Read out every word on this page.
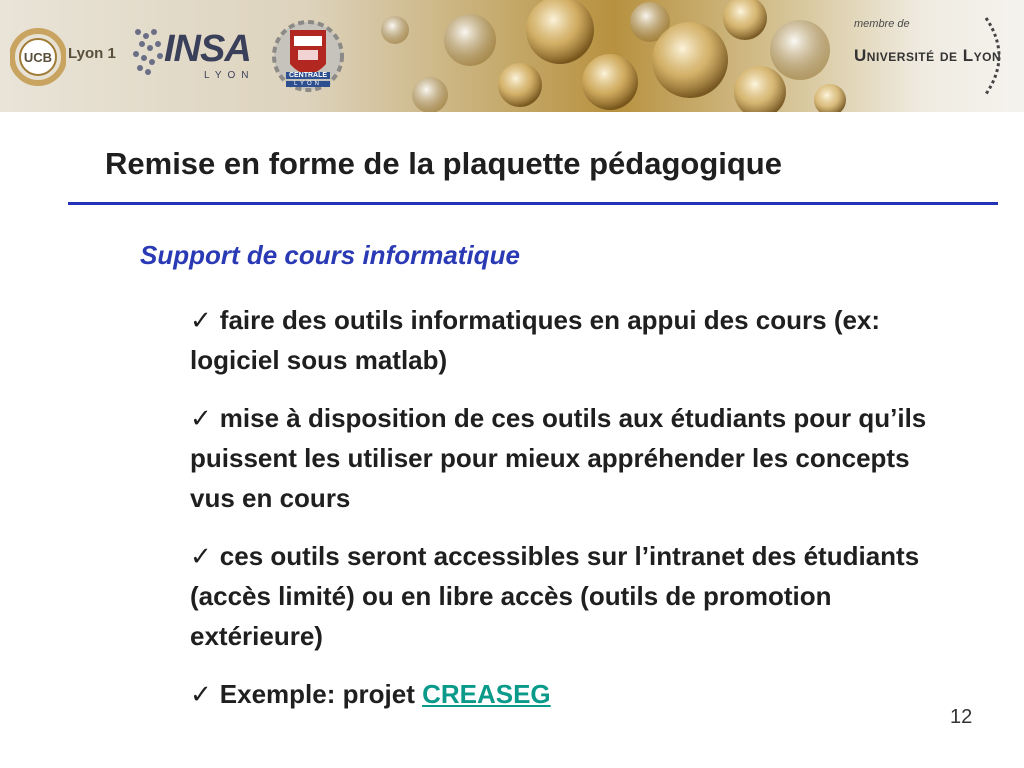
UCB Lyon 1 INSA
LYON	CENTRALE
LYON
membre de
Université de Lyon
Remise en forme de la plaquette pédagogique
Support de cours informatique
✓ faire des outils informatiques en appui des cours (ex: logiciel sous matlab)
✓ mise à disposition de ces outils aux étudiants pour qu’ils puissent les utiliser pour mieux appréhender les concepts vus en cours
✓ ces outils seront accessibles sur l’intranet des étudiants (accès limité) ou en libre accès (outils de promotion extérieure)
✓ Exemple: projet CREASEG
12
